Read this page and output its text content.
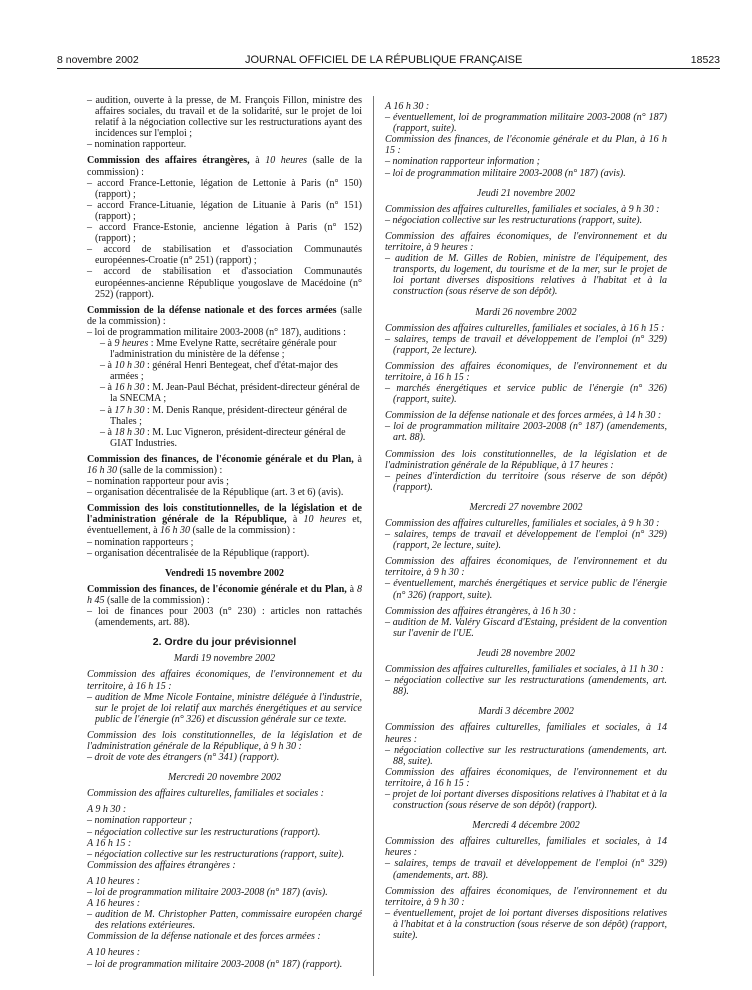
8 novembre 2002	JOURNAL OFFICIEL DE LA RÉPUBLIQUE FRANÇAISE	18523

– audition, ouverte à la presse, de M. François Fillon, ministre des affaires sociales, du travail et de la solidarité, sur le projet de loi relatif à la négociation collective sur les restructurations ayant des incidences sur l'emploi ;

– nomination rapporteur.

Commission des affaires étrangères, à 10 heures (salle de la commission) :

– accord France-Lettonie, légation de Lettonie à Paris (n° 150) (rapport) ;

– accord France-Lituanie, légation de Lituanie à Paris (n° 151) (rapport) ;

– accord France-Estonie, ancienne légation à Paris (n° 152) (rapport) ;

– accord de stabilisation et d'association Communautés européennes-Croatie (n° 251) (rapport) ;

– accord de stabilisation et d'association Communautés européennes-ancienne République yougoslave de Macédoine (n° 252) (rapport).

Commission de la défense nationale et des forces armées (salle de la commission) :

– loi de programmation militaire 2003-2008 (n° 187), auditions :

– à 9 heures : Mme Evelyne Ratte, secrétaire générale pour l'administration du ministère de la défense ;

– à 10 h 30 : général Henri Bentegeat, chef d'état-major des armées ;

– à 16 h 30 : M. Jean-Paul Béchat, président-directeur général de la SNECMA ;

– à 17 h 30 : M. Denis Ranque, président-directeur général de Thales ;

– à 18 h 30 : M. Luc Vigneron, président-directeur général de GIAT Industries.

Commission des finances, de l'économie générale et du Plan, à 16 h 30 (salle de la commission) :

– nomination rapporteur pour avis ;

– organisation décentralisée de la République (art. 3 et 6) (avis).

Commission des lois constitutionnelles, de la législation et de l'administration générale de la République, à 10 heures et, éventuellement, à 16 h 30 (salle de la commission) :

– nomination rapporteurs ;

– organisation décentralisée de la République (rapport).

Vendredi 15 novembre 2002

Commission des finances, de l'économie générale et du Plan, à 8 h 45 (salle de la commission) :

– loi de finances pour 2003 (n° 230) : articles non rattachés (amendements, art. 88).

2. Ordre du jour prévisionnel

Mardi 19 novembre 2002

Commission des affaires économiques, de l'environnement et du territoire, à 16 h 15 :

– audition de Mme Nicole Fontaine, ministre déléguée à l'industrie, sur le projet de loi relatif aux marchés énergétiques et au service public de l'énergie (n° 326) et discussion générale sur ce texte.

Commission des lois constitutionnelles, de la législation et de l'administration générale de la République, à 9 h 30 :

– droit de vote des étrangers (n° 341) (rapport).

Mercredi 20 novembre 2002

Commission des affaires culturelles, familiales et sociales :

A 9 h 30 :

– nomination rapporteur ;

– négociation collective sur les restructurations (rapport).

A 16 h 15 :

– négociation collective sur les restructurations (rapport, suite).

Commission des affaires étrangères :

A 10 heures :

– loi de programmation militaire 2003-2008 (n° 187) (avis).

A 16 heures :

– audition de M. Christopher Patten, commissaire européen chargé des relations extérieures.

Commission de la défense nationale et des forces armées :

A 10 heures :

– loi de programmation militaire 2003-2008 (n° 187) (rapport).

A 16 h 30 :

– éventuellement, loi de programmation militaire 2003-2008 (n° 187) (rapport, suite).

Commission des finances, de l'économie générale et du Plan, à 16 h 15 :

– nomination rapporteur information ;

– loi de programmation militaire 2003-2008 (n° 187) (avis).

Jeudi 21 novembre 2002

Commission des affaires culturelles, familiales et sociales, à 9 h 30 :

– négociation collective sur les restructurations (rapport, suite).

Commission des affaires économiques, de l'environnement et du territoire, à 9 heures :

– audition de M. Gilles de Robien, ministre de l'équipement, des transports, du logement, du tourisme et de la mer, sur le projet de loi portant diverses dispositions relatives à l'habitat et à la construction (sous réserve de son dépôt).

Mardi 26 novembre 2002

Commission des affaires culturelles, familiales et sociales, à 16 h 15 :

– salaires, temps de travail et développement de l'emploi (n° 329) (rapport, 2e lecture).

Commission des affaires économiques, de l'environnement et du territoire, à 16 h 15 :

– marchés énergétiques et service public de l'énergie (n° 326) (rapport, suite).

Commission de la défense nationale et des forces armées, à 14 h 30 :

– loi de programmation militaire 2003-2008 (n° 187) (amendements, art. 88).

Commission des lois constitutionnelles, de la législation et de l'administration générale de la République, à 17 heures :

– peines d'interdiction du territoire (sous réserve de son dépôt) (rapport).

Mercredi 27 novembre 2002

Commission des affaires culturelles, familiales et sociales, à 9 h 30 :

– salaires, temps de travail et développement de l'emploi (n° 329) (rapport, 2e lecture, suite).

Commission des affaires économiques, de l'environnement et du territoire, à 9 h 30 :

– éventuellement, marchés énergétiques et service public de l'énergie (n° 326) (rapport, suite).

Commission des affaires étrangères, à 16 h 30 :

– audition de M. Valéry Giscard d'Estaing, président de la convention sur l'avenir de l'UE.

Jeudi 28 novembre 2002

Commission des affaires culturelles, familiales et sociales, à 11 h 30 :

– négociation collective sur les restructurations (amendements, art. 88).

Mardi 3 décembre 2002

Commission des affaires culturelles, familiales et sociales, à 14 heures :

– négociation collective sur les restructurations (amendements, art. 88, suite).

Commission des affaires économiques, de l'environnement et du territoire, à 16 h 15 :

– projet de loi portant diverses dispositions relatives à l'habitat et à la construction (sous réserve de son dépôt) (rapport).

Mercredi 4 décembre 2002

Commission des affaires culturelles, familiales et sociales, à 14 heures :

– salaires, temps de travail et développement de l'emploi (n° 329) (amendements, art. 88).

Commission des affaires économiques, de l'environnement et du territoire, à 9 h 30 :

– éventuellement, projet de loi portant diverses dispositions relatives à l'habitat et à la construction (sous réserve de son dépôt) (rapport, suite).
